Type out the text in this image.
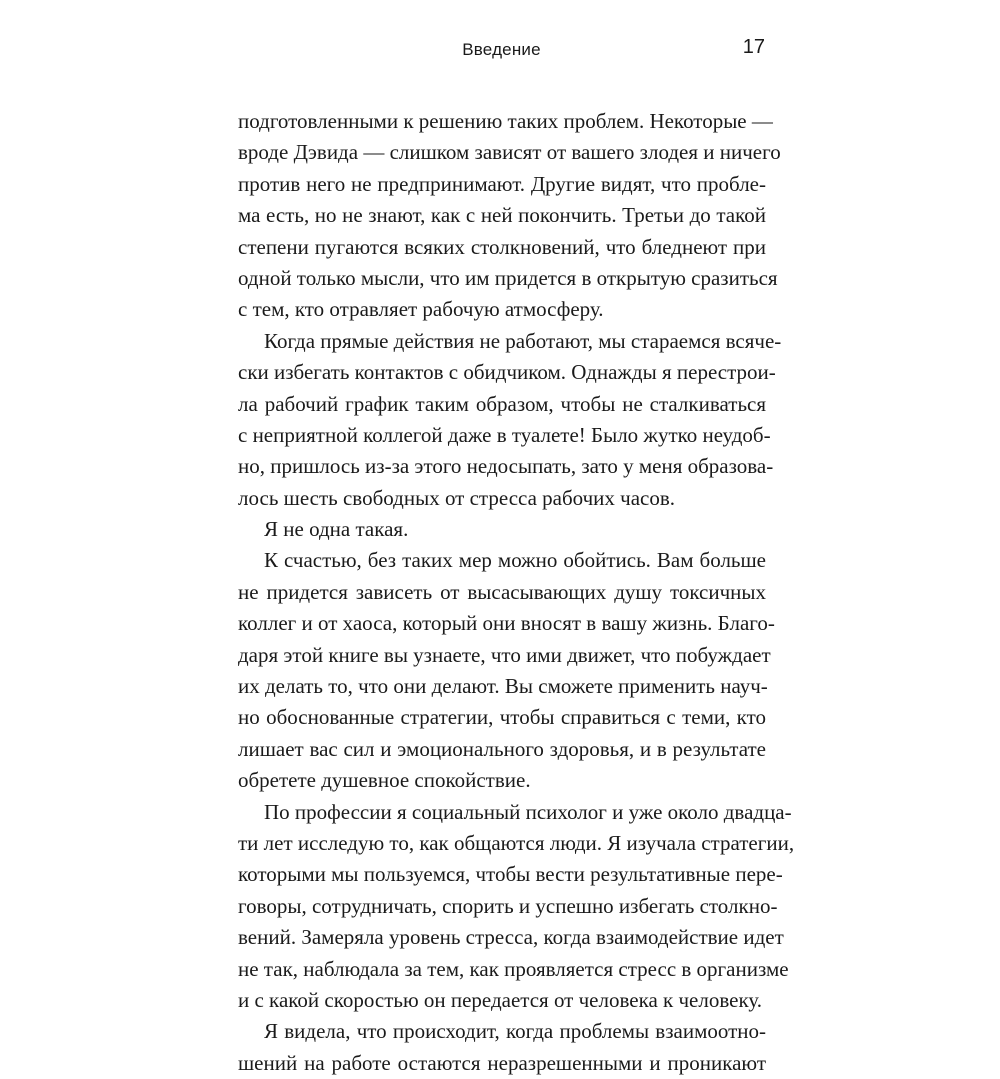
Введение	17
подготовленными к решению таких проблем. Некоторые —
вроде Дэвида — слишком зависят от вашего злодея и ничего
против него не предпринимают. Другие видят, что пробле-
ма есть, но не знают, как с ней покончить. Третьи до такой
степени пугаются всяких столкновений, что бледнеют при
одной только мысли, что им придется в открытую сразиться
с тем, кто отравляет рабочую атмосферу.
Когда прямые действия не работают, мы стараемся всяче-
ски избегать контактов с обидчиком. Однажды я перестрои-
ла рабочий график таким образом, чтобы не сталкиваться
с неприятной коллегой даже в туалете! Было жутко неудоб-
но, пришлось из-за этого недосыпать, зато у меня образова-
лось шесть свободных от стресса рабочих часов.
Я не одна такая.
К счастью, без таких мер можно обойтись. Вам больше
не придется зависеть от высасывающих душу токсичных
коллег и от хаоса, который они вносят в вашу жизнь. Благо-
даря этой книге вы узнаете, что ими движет, что побуждает
их делать то, что они делают. Вы сможете применить науч-
но обоснованные стратегии, чтобы справиться с теми, кто
лишает вас сил и эмоционального здоровья, и в результате
обретете душевное спокойствие.
По профессии я социальный психолог и уже около двадца-
ти лет исследую то, как общаются люди. Я изучала стратегии,
которыми мы пользуемся, чтобы вести результативные пере-
говоры, сотрудничать, спорить и успешно избегать столкно-
вений. Замеряла уровень стресса, когда взаимодействие идет
не так, наблюдала за тем, как проявляется стресс в организме
и с какой скоростью он передается от человека к человеку.
Я видела, что происходит, когда проблемы взаимоотно-
шений на работе остаются неразрешенными и проникают
